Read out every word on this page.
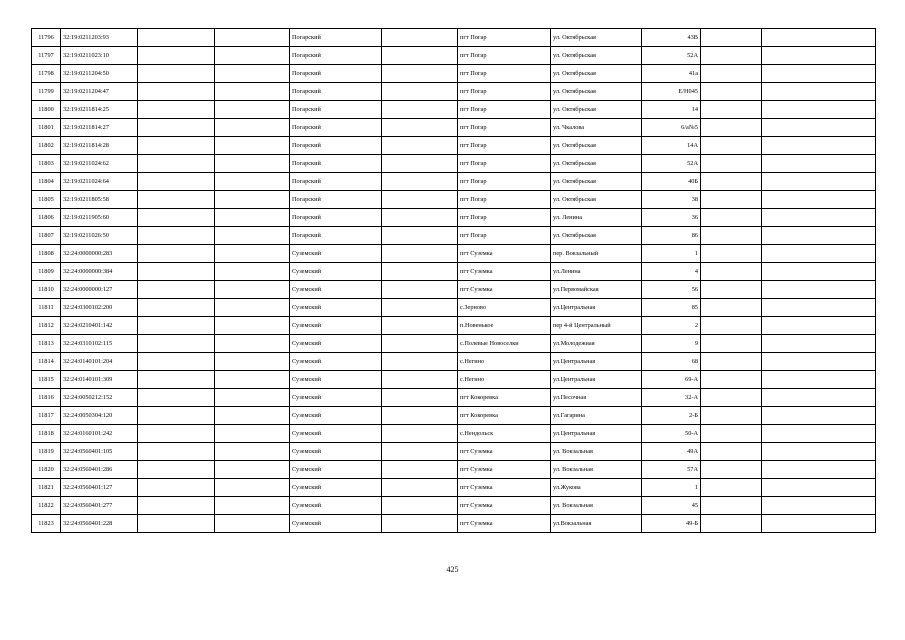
11796	32:19:0211203:93			Погарский		пгт Погар	ул. Октябрьская	43В		
11797	32:19:0211023:10			Погарский		пгт Погар	ул. Октябрьская	52А		
11798	32:19:0211204:50			Погарский		пгт Погар	ул. Октябрьская	41а		
11799	32:19:0211204:47			Погарский		пгт Погар	ул. Октябрьская	Е/Н045		
11800	32:19:0211814:25			Погарский		пгт Погар	ул. Октябрьская	14		
11801	32:19:0211814:27			Погарский		пгт Погар	ул. Чкалова	6/а№5		
11802	32:19:0211814:28			Погарский		пгт Погар	ул. Октябрьская	14А		
11803	32:19:0211024:62			Погарский		пгт Погар	ул. Октябрьская	52А		
11804	32:19:0211024:64			Погарский		пгт Погар	ул. Октябрьская	40Б		
11805	32:19:0211805:58			Погарский		пгт Погар	ул. Октябрьская	38		
11806	32:19:0211905:60			Погарский		пгт Погар	ул. Ленина	36		
11807	32:19:0211026:50			Погарский		пгт Погар	ул. Октябрьская	86		
11808	32:24:0000000:283			Суземский		пгт Суземка	пер. Вокзальный	1		
11809	32:24:0000000:384			Суземский		пгт Суземка	ул.Ленина	4		
11810	32:24:0000000:127			Суземский		пгт Суземка	ул.Первомайская	56		
11811	32:24:0300102:200			Суземский		с.Зерново	ул.Центральная	85		
11812	32:24:0210401:142			Суземский		п.Новенькое	пер 4-й Центральный	2		
11813	32:24:0310102:115			Суземский		с.Полевые Новоселки	ул.Молодежная	9		
11814	32:24:0140101:204			Суземский		с.Негино	ул.Центральная	68		
11815	32:24:0140101:309			Суземский		с.Негино	ул.Центральная	69-А		
11816	32:24:0050212:152			Суземский		пгт Кокоревка	ул.Песочная	32-А		
11817	32:24:0050304:120			Суземский		пгт Кокоревка	ул.Гагарина	2-Б		
11818	32:24:0160101:242			Суземский		с.Нендольск	ул.Центральная	50-А		
11819	32:24:0560401:105			Суземский		пгт Суземка	ул. Вокзальная	49А		
11820	32:24:0560401:286			Суземский		пгт Суземка	ул. Вокзальная	57А		
11821	32:24:0560401:127			Суземский		пгт Суземка	ул.Жукова	1		
11822	32:24:0560401:277			Суземский		пгт Суземка	ул. Вокзальная	45		
11823	32:24:0560401:228			Суземский		пгт Суземка	ул.Вокзальная	49-Б		
425
